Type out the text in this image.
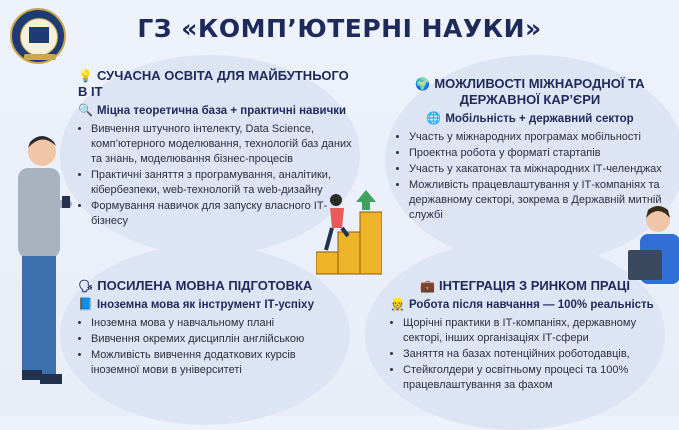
ГЗ «КОМП’ЮТЕРНІ НАУКИ»
💡 СУЧАСНА ОСВІТА ДЛЯ МАЙБУТНЬОГО В ІТ
🔍 Міцна теоретична база + практичні навички
• Вивчення штучного інтелекту, Data Science, комп’ютерного моделювання, технологій баз даних та знань, моделювання бізнес-процесів
• Практичні заняття з програмування, аналітики, кібербезпеки, web-технологій та web-дизайну
• Формування навичок для запуску власного ІТ-бізнесу
🌍 МОЖЛИВОСТІ МІЖНАРОДНОЇ ТА ДЕРЖАВНОЇ КАР’ЄРИ
🌐 Мобільність + державний сектор
• Участь у міжнародних програмах мобільності
• Проектна робота у форматі стартапів
• Участь у хакатонах та міжнародних ІТ-челенджах
• Можливість працевлаштування у ІТ-компаніях та державному секторі, зокрема в Державній митній службі
🗣 ПОСИЛЕНА МОВНА ПІДГОТОВКА
📘 Іноземна мова як інструмент ІТ-успіху
• Іноземна мова у навчальному плані
• Вивчення окремих дисциплін англійською
• Можливість вивчення додаткових курсів іноземної мови в університеті
💼 ІНТЕГРАЦІЯ З РИНКОМ ПРАЦІ
👷 Робота після навчання — 100% реальність
• Щорічні практики в ІТ-компаніях, державному секторі, інших організаціях ІТ-сфери
• Заняття на базах потенційних роботодавців,
• Стейкголдери у освітньому процесі та 100% працевлаштування за фахом
